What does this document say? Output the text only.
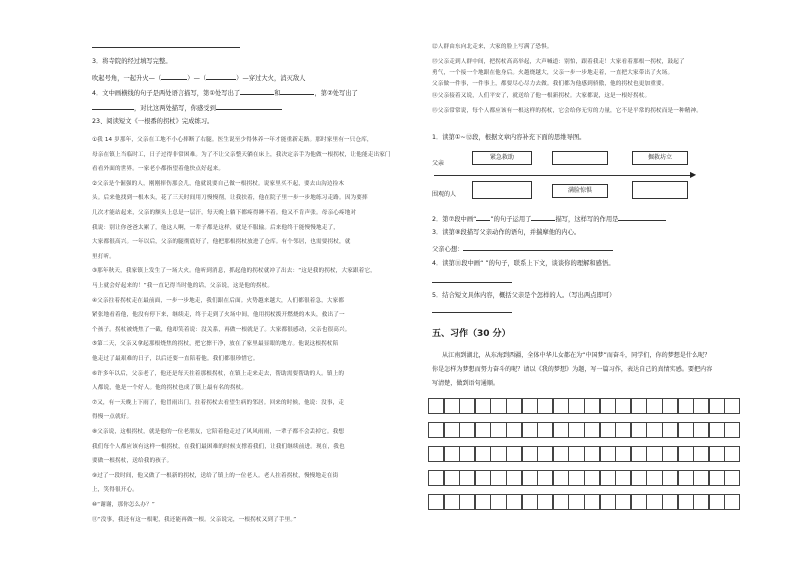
3．将寺院的经过填写完整。
吹起号角，一起升火—（	）—（	）—穿过大火，消灭敌人
4．文中画横线的句子是两处语言描写，第①处写出了	和	，第②处写出了
，对比这两处描写，你感受到
23、阅读短文《一根番的拐杖》完成练习。
①我 14 岁那年，父亲在工地不小心摔断了右腿。医生说至少得休养一年才能重新走路。那时家里有一只仓库，
母亲在镇上当临时工，日子过得非常困难。为了不让父亲整天躺在床上，我决定亲手为他做一根拐杖，让他能走出家门
看看外面的世界。一家老小都指望着他快点好起来。
②父亲是个倔强的人，刚刚摔伤那会儿，他就说要自己做一根拐杖。说家里买不起，要去山沟边捡木
头。后来他找到一根木头，花了三天时间用刀慢慢削，让我扶着，他在院子里一步一步地练习走路。因为要摔
几次才能站起来，父亲的额头上总是一层汗，每天晚上躺下都疼得睡不着。他又不肯声张。母亲心疼地对
我说：别让你爸爸太累了，他这人啊，一辈子都是这样，就是不服输。后来他终于能慢慢地走了，
大家都很高兴。一年以后，父亲的腿彻底好了，他把那根拐杖放进了仓库。有个邻居，也需要拐杖，就
里打听。
③那年秋天，我家镇上发生了一场大火。他听到消息，抓起他的拐杖就冲了出去：“这是我的拐杖，大家跟着它，
马上就会好起来的！”我一直记得当时他的话，父亲说，这是他的拐杖。
④父亲拄着拐杖走在最前面，一步一步地走，我们跟在后面。火势越来越大，人们都很着急，大家都
紧张地看着他，他没有停下来，继续走，终于走到了火场中间，他用拐杖拨开燃烧的木头，救出了一
个孩子。拐杖被烧焦了一截，他却笑着说：没关系，再做一根就是了。大家都很感动，父亲也很高兴。
⑤第二天，父亲又拿起那根烧焦的拐杖，把它擦干净，放在了家里最显眼的地方。他说这根拐杖陪
他走过了最艰难的日子，以后还要一直陪着他。我们都很珍惜它。
⑥许多年以后，父亲老了，他还是每天拄着那根拐杖，在镇上走来走去，帮助需要帮助的人。镇上的
人都说，他是一个好人。他的拐杖也成了镇上最有名的拐杖。
⑦又，有一天晚上下雨了，他冒雨出门，拄着拐杖去看望生病的邻居。回来的时候，他说：没事，走
得慢一点就好。
⑧父亲说，这根拐杖，就是他的一位老朋友，它陪着他走过了风风雨雨，一辈子都不会丢掉它。我想
我们每个人都应该有这样一根拐杖，在我们最困难的时候支撑着我们，让我们继续前进。现在，我也
要做一根拐杖，送给我的孩子。
⑨过了一段时间，他又做了一根新的拐杖，送给了镇上的一位老人。老人拄着拐杖，慢慢地走在街
上，笑得很开心。
⑩“谢谢，那你怎么办？”
⑪“没事，我还有这一根呢，我还能再做一根。父亲说完，一根拐杖又到了手里。”
⑫人群由东向北走来，大家的脸上写满了恐惧。
⑬父亲走到人群中间，把拐杖高高举起，大声喊道：别怕，跟着我走！大家看着那根一拐杖，鼓起了
勇气，一个接一个地跟在他身后。火越烧越大，父亲一步一步地走着，一直把大家带出了火场。
父亲做一件事，一件事上，都要尽心尽力去做。我们都为他感到骄傲，他的拐杖也更加重要。
⑭父亲接着又说，人们平安了，就送给了他一根新拐杖。大家都说，这是一根好拐杖。
⑮父亲常常说，每个人都应该有一根这样的拐杖，它会给你无穷的力量，它不是平常的拐杖而是一种精神。
1．读第①~⑫段，根据文章内容补充下面的思维导图。
父亲
围观的人
▶
紧急救助	掘救坊立
满脸惊惧
2．第⑦段中画“ ”的句子运用了	描写，这样写的作用是
3．读第⑧段描写父亲动作的语句，并揣摩他的内心。
父亲心想：
4．读第⑪段中画“ ”的句子，联系上下文，谈谈你的理解和感悟。
5．结合短文具体内容，概括父亲是个怎样的人。（写出两点即可）
五、习作（30 分）
从江南到湖北，从东海到西疆，全体中华儿女都在为“中国梦”而奋斗，同学们，你的梦想是什么呢？
你是怎样为梦想而努力奋斗的呢？请以《我的梦想》为题，写一篇习作，表达自己的真情实感。要把内容
写清楚，做到语句通顺。
